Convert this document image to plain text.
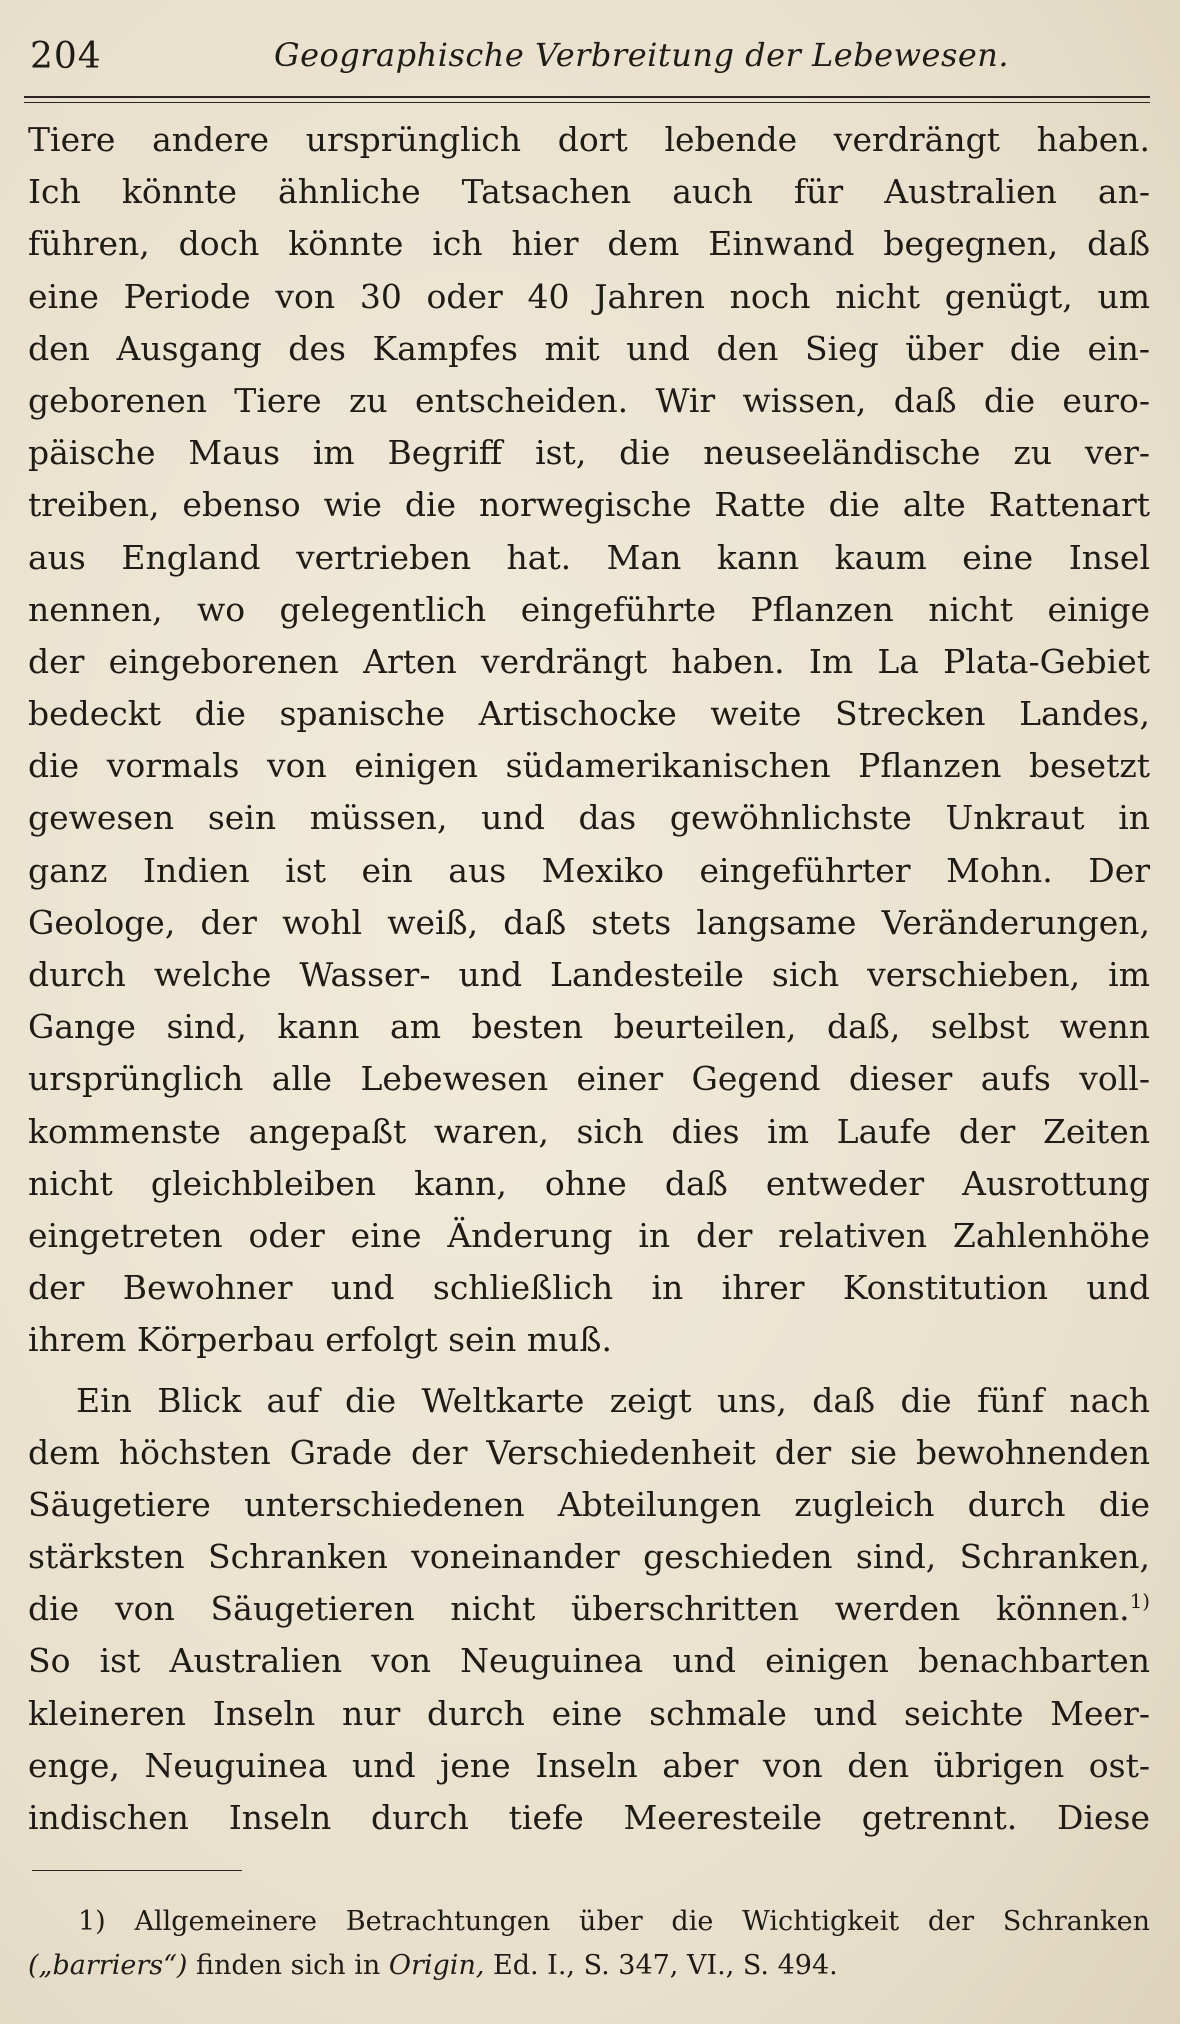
204	Geographische Verbreitung der Lebewesen.
Tiere andere ursprünglich dort lebende verdrängt haben.
Ich könnte ähnliche Tatsachen auch für Australien an-
führen, doch könnte ich hier dem Einwand begegnen, daß
eine Periode von 30 oder 40 Jahren noch nicht genügt, um
den Ausgang des Kampfes mit und den Sieg über die ein-
geborenen Tiere zu entscheiden. Wir wissen, daß die euro-
päische Maus im Begriff ist, die neuseeländische zu ver-
treiben, ebenso wie die norwegische Ratte die alte Rattenart
aus England vertrieben hat. Man kann kaum eine Insel
nennen, wo gelegentlich eingeführte Pflanzen nicht einige
der eingeborenen Arten verdrängt haben. Im La Plata-Gebiet
bedeckt die spanische Artischocke weite Strecken Landes,
die vormals von einigen südamerikanischen Pflanzen besetzt
gewesen sein müssen, und das gewöhnlichste Unkraut in
ganz Indien ist ein aus Mexiko eingeführter Mohn. Der
Geologe, der wohl weiß, daß stets langsame Veränderungen,
durch welche Wasser- und Landesteile sich verschieben, im
Gange sind, kann am besten beurteilen, daß, selbst wenn
ursprünglich alle Lebewesen einer Gegend dieser aufs voll-
kommenste angepaßt waren, sich dies im Laufe der Zeiten
nicht gleichbleiben kann, ohne daß entweder Ausrottung
eingetreten oder eine Änderung in der relativen Zahlenhöhe
der Bewohner und schließlich in ihrer Konstitution und
ihrem Körperbau erfolgt sein muß.
Ein Blick auf die Weltkarte zeigt uns, daß die fünf nach
dem höchsten Grade der Verschiedenheit der sie bewohnenden
Säugetiere unterschiedenen Abteilungen zugleich durch die
stärksten Schranken voneinander geschieden sind, Schranken,
die von Säugetieren nicht überschritten werden können.$^{1)}$
So ist Australien von Neuguinea und einigen benachbarten
kleineren Inseln nur durch eine schmale und seichte Meer-
enge, Neuguinea und jene Inseln aber von den übrigen ost-
indischen Inseln durch tiefe Meeresteile getrennt. Diese
1) Allgemeinere Betrachtungen über die Wichtigkeit der Schranken
(„barriers“) finden sich in Origin, Ed. I., S. 347, VI., S. 494.
